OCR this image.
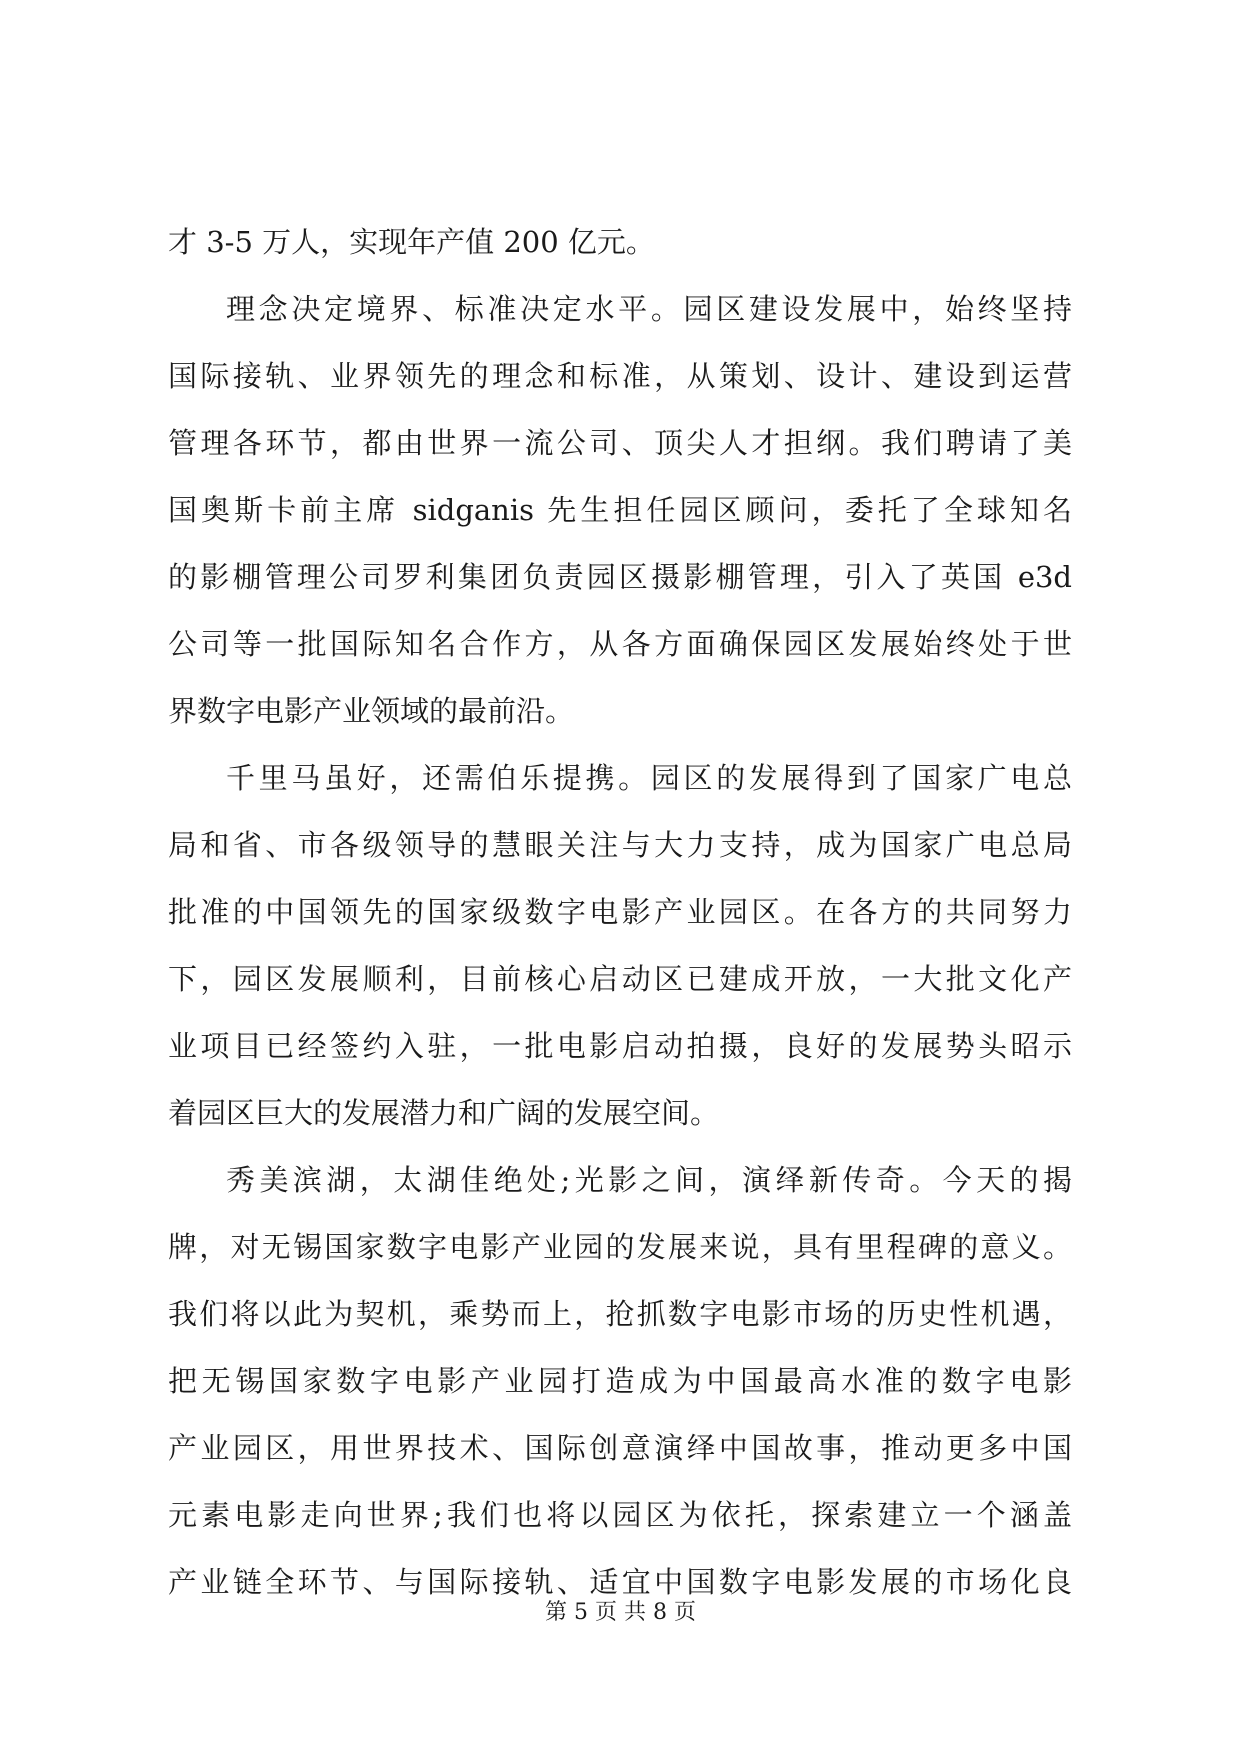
才 3-5 万人，实现年产值 200 亿元。
理念决定境界、标准决定水平。园区建设发展中，始终坚持
国际接轨、业界领先的理念和标准，从策划、设计、建设到运营
管理各环节，都由世界一流公司、顶尖人才担纲。我们聘请了美
国奥斯卡前主席 sidganis 先生担任园区顾问，委托了全球知名
的影棚管理公司罗利集团负责园区摄影棚管理，引入了英国 e3d
公司等一批国际知名合作方，从各方面确保园区发展始终处于世
界数字电影产业领域的最前沿。
千里马虽好，还需伯乐提携。园区的发展得到了国家广电总
局和省、市各级领导的慧眼关注与大力支持，成为国家广电总局
批准的中国领先的国家级数字电影产业园区。在各方的共同努力
下，园区发展顺利，目前核心启动区已建成开放，一大批文化产
业项目已经签约入驻，一批电影启动拍摄，良好的发展势头昭示
着园区巨大的发展潜力和广阔的发展空间。
秀美滨湖，太湖佳绝处;光影之间，演绎新传奇。今天的揭
牌，对无锡国家数字电影产业园的发展来说，具有里程碑的意义。
我们将以此为契机，乘势而上，抢抓数字电影市场的历史性机遇，
把无锡国家数字电影产业园打造成为中国最高水准的数字电影
产业园区，用世界技术、国际创意演绎中国故事，推动更多中国
元素电影走向世界;我们也将以园区为依托，探索建立一个涵盖
产业链全环节、与国际接轨、适宜中国数字电影发展的市场化良
第 5 页 共 8 页
